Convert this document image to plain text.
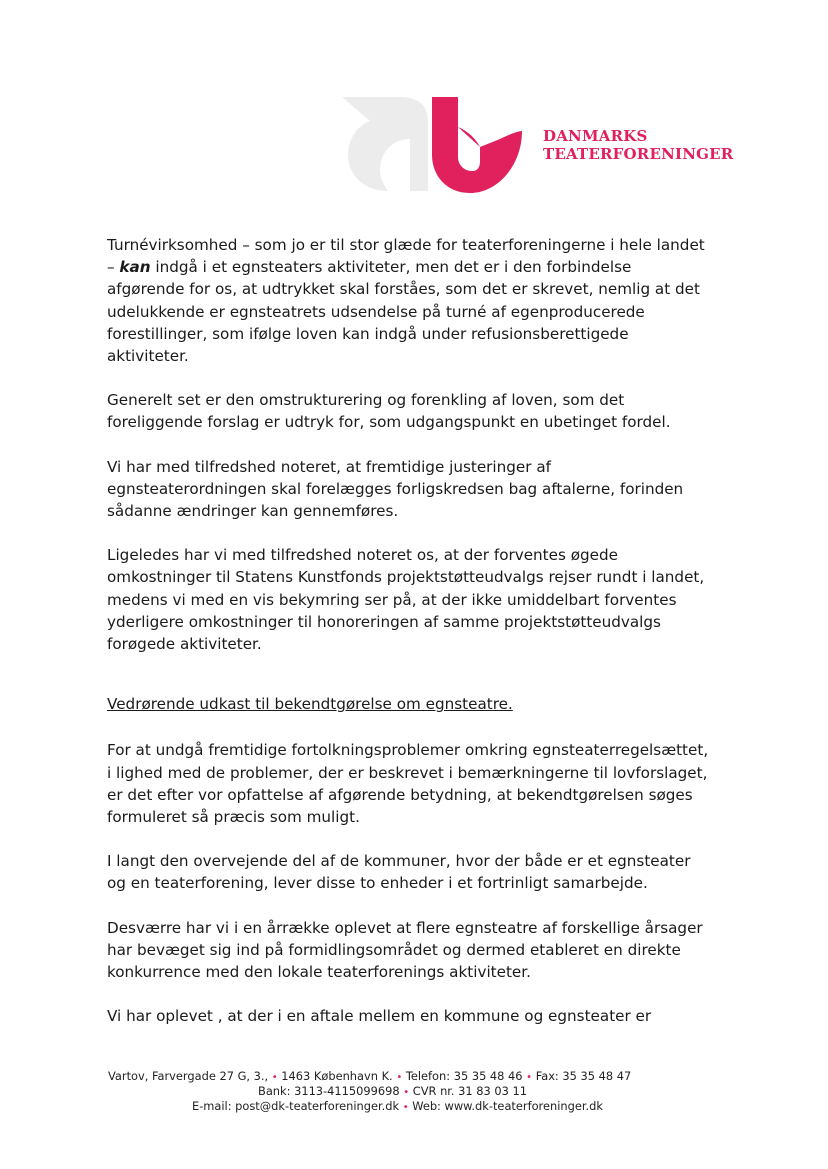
DANMARKS
TEATERFORENINGER

Turnévirksomhed – som jo er til stor glæde for teaterforeningerne i hele landet – kan indgå i et egnsteaters aktiviteter, men det er i den forbindelse afgørende for os, at udtrykket skal forståes, som det er skrevet, nemlig at det udelukkende er egnsteatrets udsendelse på turné af egenproducerede forestillinger, som ifølge loven kan indgå under refusionsberettigede aktiviteter.

Generelt set er den omstrukturering og forenkling af loven, som det foreliggende forslag er udtryk for, som udgangspunkt en ubetinget fordel.

Vi har med tilfredshed noteret, at fremtidige justeringer af egnsteaterordningen skal forelægges forligskredsen bag aftalerne, forinden sådanne ændringer kan gennemføres.

Ligeledes har vi med tilfredshed noteret os, at der forventes øgede omkostninger til Statens Kunstfonds projektstøtteudvalgs rejser rundt i landet, medens vi med en vis bekymring ser på, at der ikke umiddelbart forventes yderligere omkostninger til honoreringen af samme projektstøtteudvalgs forøgede aktiviteter.

Vedrørende udkast til bekendtgørelse om egnsteatre.

For at undgå fremtidige fortolkningsproblemer omkring egnsteaterregelsættet, i lighed med de problemer, der er beskrevet i bemærkningerne til lovforslaget, er det efter vor opfattelse af afgørende betydning, at bekendtgørelsen søges formuleret så præcis som muligt.

I langt den overvejende del af de kommuner, hvor der både er et egnsteater og en teaterforening, lever disse to enheder i et fortrinligt samarbejde.

Desværre har vi i en årrække oplevet at flere egnsteatre af forskellige årsager har bevæget sig ind på formidlingsområdet og dermed etableret en direkte konkurrence med den lokale teaterforenings aktiviteter.

Vi har oplevet , at der i en aftale mellem en kommune og egnsteater er

Vartov, Farvergade 27 G, 3., • 1463 København K. • Telefon: 35 35 48 46 • Fax: 35 35 48 47
Bank: 3113-4115099698 • CVR nr. 31 83 03 11
E-mail: post@dk-teaterforeninger.dk • Web: www.dk-teaterforeninger.dk
